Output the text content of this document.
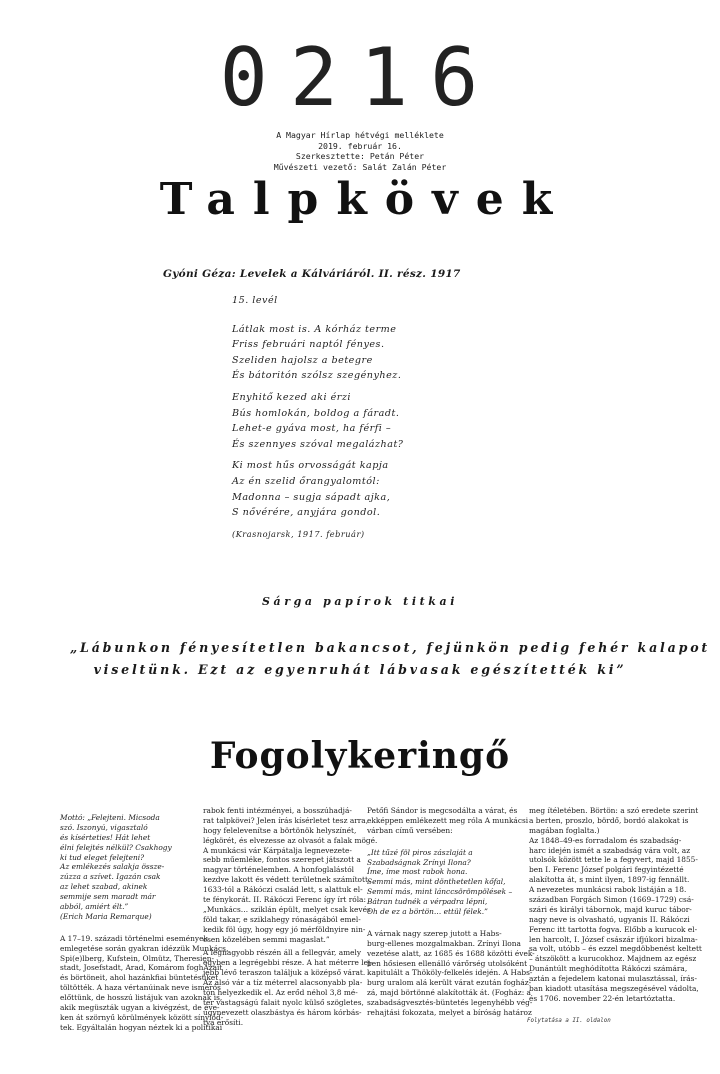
0216
A Magyar Hírlap hétvégi melléklete
2019. február 16.
Szerkesztette: Petán Péter
Művészeti vezető: Salát Zalán Péter
Talpkövek
Gyóni Géza: Levelek a Kálváriáról. II. rész. 1917
15. levél
Látlak most is. A kórház terme
Friss februári naptól fényes.
Szeliden hajolsz a betegre
És bátoritón szólsz szegényhez.
Enyhitő kezed aki érzi
Bús homlokán, boldog a fáradt.
Lehet-e gyáva most, ha férfi –
És szennyes szóval megalázhat?
Ki most hűs orvosságát kapja
Az én szelid őrangyalomtól:
Madonna – sugja sápadt ajka,
S nővérére, anyjára gondol.
(Krasnojarsk, 1917. február)
Sárga papírok titkai
„Lábunkon fényesítetlen bakancsot, fejünkön pedig fehér kalapot
viseltünk. Ezt az egyenruhát lábvasak egészítették ki”
Fogolykeringő
Mottó: „Felejteni. Micsoda
szó. Iszonyú, vigasztaló
és kísérteties! Hát lehet
élni felejtés nélkül? Csakhogy
ki tud eleget felejteni?
Az emlékezés salakja össze-
zúzza a szívet. Igazán csak
az lehet szabad, akinek
semmije sem maradt már
abból, amiért élt.”
(Erich Maria Remarque)
A 17–19. századi történelmi események
emlegetése során gyakran idézzük Munkács,
Spi(e)lberg, Kufstein, Olmütz, Theresien-
stadt, Josefstadt, Arad, Komárom foghÁzait
és börtöneit, ahol hazánkfiai büntetésüket
töltötték. A haza vértanúinak neve ismerős
előttünk, de hosszú listájuk van azoknak is,
akik megüszták ugyan a kivégzést, de éve-
ken át szörnyű körülmények között sínylőd-
tek. Egyáltalán hogyan néztek ki a politikai
rabok fenti intézményei, a bosszúhadjá-
rat talpkövei? Jelen írás kísérletet tesz arra,
hogy felelevenítse a börtönök helyszínét,
légkörét, és elvezesse az olvasót a falak mögé.
A munkácsi vár Kárpátalja legnevezete-
sebb műemléke, fontos szerepet játszott a
magyar történelemben. A honfoglalástól
kezdve lakott és védett területnek számított,
1633-tól a Rákóczi család lett, s alattuk el-
te fénykorát. II. Rákóczi Ferenc így írt róla:
„Munkács… sziklán épült, melyet csak kevés
föld takar, e sziklahegy rónaságából emel-
kedik föl úgy, hogy egy jó mérföldnyire nin-
csen közelében semmi magaslat.”
A legnagyobb részén áll a fellegvár, amely
egyben a legrégebbi része. A hat méterre lej-
jebb lévő teraszon találjuk a középső várat.
Az alsó vár a tíz méterrel alacsonyabb pla-
tón helyezkedik el. Az erőd néhol 3,8 mé-
ter vastagságú falait nyolc külső szögletes,
úgynevezett olaszbástya és három kórbás-
tya erősíti.
Petőfi Sándor is megcsodálta a várat, és
ekképpen emlékezett meg róla A munkácsi
várban című versében:
„Itt tűzé föl piros zászlaját a
Szabadságnak Zrínyi Ilona?
Íme, íme most rabok hona.
Semmi más, mint dönthetetlen kőfal,
Semmi más, mint lánccsörömpölések –
Bátran tudnék a vérpadra lépni,
Oh de ez a börtön… ettül félek.”
A várnak nagy szerep jutott a Habs-
burg-ellenes mozgalmakban. Zrínyi Ilona
vezetése alatt, az 1685 és 1688 közötti évek-
ben hősiesen ellenálló várőrség utolsóként
kapitulált a Thököly-felkelés idején. A Habs-
burg uralom alá került várat ezután fogház-
zá, majd börtönné alakították át. (Fogház: a
szabadságvesztés-büntetés legenyhébb vég-
rehajtási fokozata, melyet a bíróság határoz
meg ítéletében. Börtön: a szó eredete szerint
a berten, proszlo, bördő, bordó alakokat is
magában foglalta.)
Az 1848–49-es forradalom és szabadság-
harc idején ismét a szabadság vára volt, az
utolsók között tette le a fegyvert, majd 1855-
ben I. Ferenc József polgári fegyintézetté
alakította át, s mint ilyen, 1897-ig fennállt.
A nevezetes munkácsi rabok listáján a 18.
században Forgách Simon (1669–1729) csá-
szári és királyi tábornok, majd kuruc tábor-
nagy neve is olvasható, ugyanis II. Rákóczi
Ferenc itt tartotta fogva. Előbb a kurucok el-
len harcolt, I. József császár ifjúkori bizalma-
sa volt, utóbb – és ezzel megdöbbenést keltett
– átszökött a kurucokhoz. Majdnem az egész
Dunántúlt meghódította Rákóczi számára,
aztán a fejedelem katonai mulasztással, írás-
ban kiadott utasítása megszegésével vádolta,
és 1706. november 22-én letartóztatta.
Folytatása a II. oldalon
